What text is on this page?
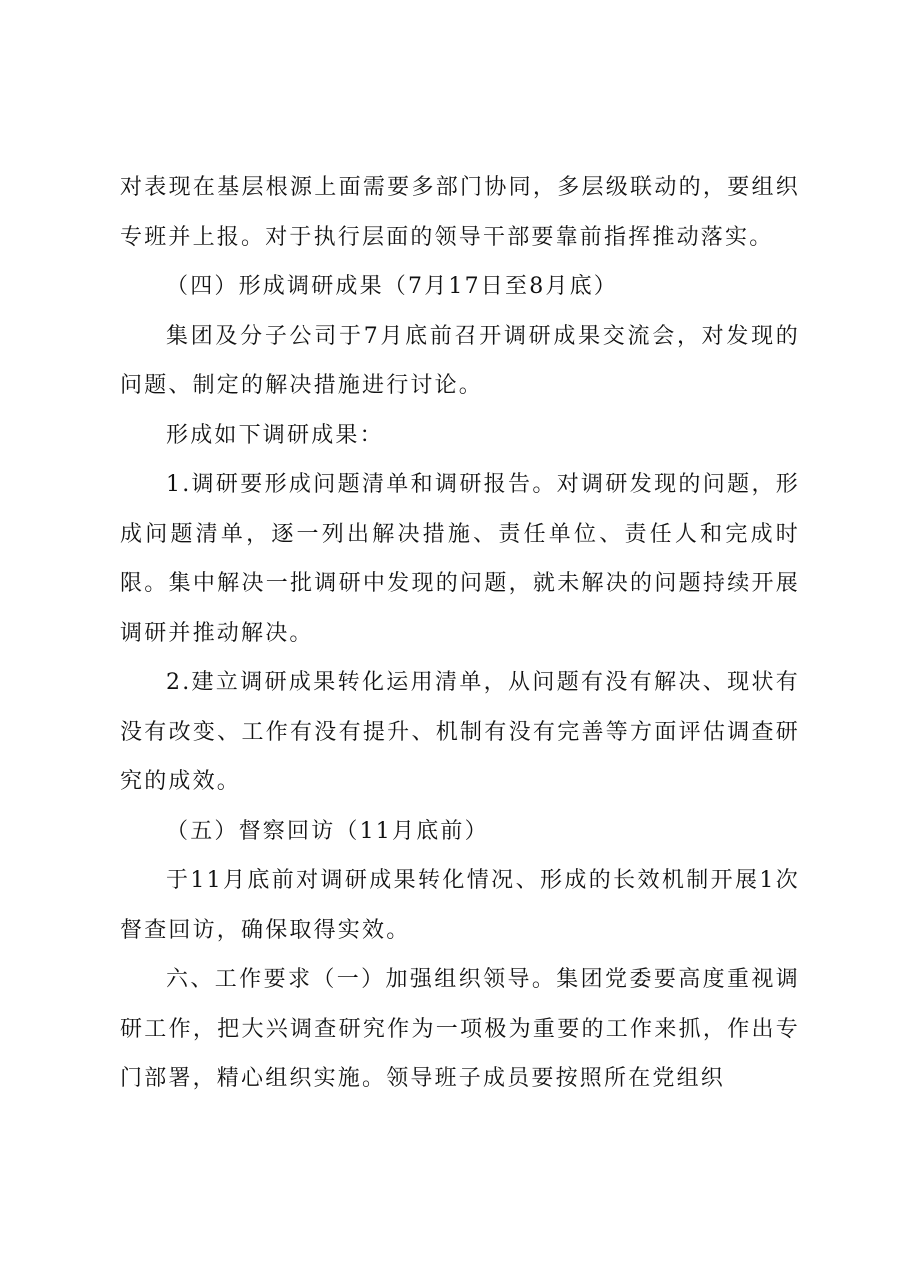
对表现在基层根源上面需要多部门协同，多层级联动的，要组织专班并上报。对于执行层面的领导干部要靠前指挥推动落实。

（四）形成调研成果（7月17日至8月底）

集团及分子公司于7月底前召开调研成果交流会，对发现的问题、制定的解决措施进行讨论。

形成如下调研成果：

1.调研要形成问题清单和调研报告。对调研发现的问题，形成问题清单，逐一列出解决措施、责任单位、责任人和完成时限。集中解决一批调研中发现的问题，就未解决的问题持续开展调研并推动解决。

2.建立调研成果转化运用清单，从问题有没有解决、现状有没有改变、工作有没有提升、机制有没有完善等方面评估调查研究的成效。

（五）督察回访（11月底前）

于11月底前对调研成果转化情况、形成的长效机制开展1次督查回访，确保取得实效。

六、工作要求（一）加强组织领导。集团党委要高度重视调研工作，把大兴调查研究作为一项极为重要的工作来抓，作出专门部署，精心组织实施。领导班子成员要按照所在党组织
